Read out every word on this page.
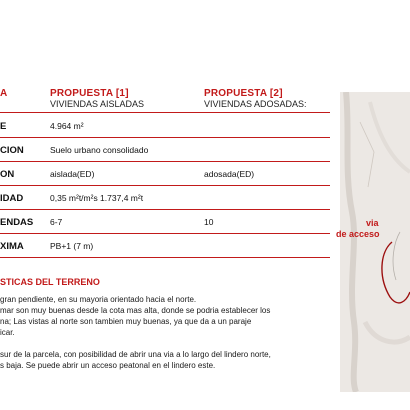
A	PROPUESTA [1]	PROPUESTA [2]
VIVIENDAS AISLADAS	VIVIENDAS ADOSADAS:
E	4.964 m²
CION	Suelo urbano consolidado
ON	aislada(ED)	adosada(ED)
IDAD	0,35 m²t/m²s 1.737,4 m²t
ENDAS 6-7	10
XIMA	PB+1 (7 m)
STICAS DEL TERRENO
gran pendiente, en su mayoria orientado hacia el norte.
mar son muy buenas desde la cota mas alta, donde se podria establecer los
na; Las vistas al norte son tambien muy buenas, ya que da a un paraje
icar.
sur de la parcela, con posibilidad de abrir una via a lo largo del lindero norte,
s baja. Se puede abrir un acceso peatonal en el lindero este.
via
de acceso
